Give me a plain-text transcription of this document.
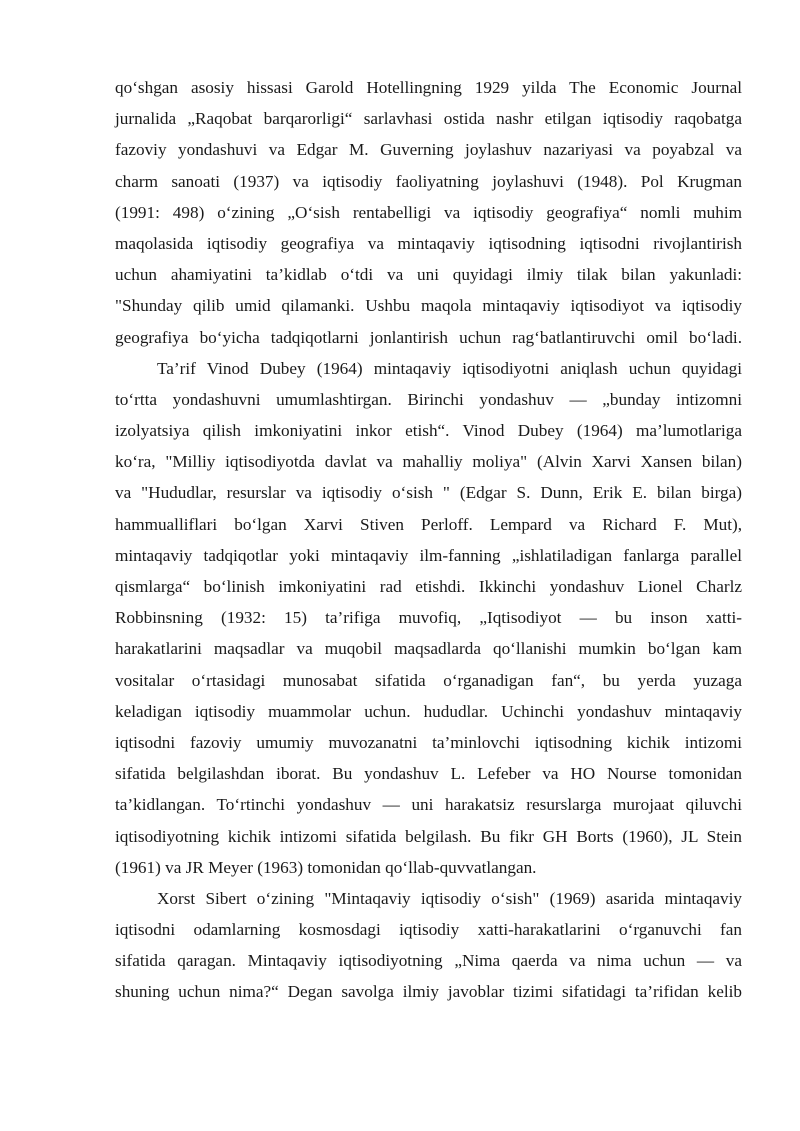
qo‘shgan asosiy hissasi Garold Hotellingning 1929 yilda The Economic Journal
jurnalida „Raqobat barqarorligi“ sarlavhasi ostida nashr etilgan iqtisodiy raqobatga
fazoviy yondashuvi va Edgar M. Guverning joylashuv nazariyasi va poyabzal va
charm sanoati (1937) va iqtisodiy faoliyatning joylashuvi (1948). Pol Krugman
(1991: 498) o‘zining „O‘sish rentabelligi va iqtisodiy geografiya“ nomli muhim
maqolasida iqtisodiy geografiya va mintaqaviy iqtisodning iqtisodni rivojlantirish
uchun ahamiyatini ta’kidlab o‘tdi va uni quyidagi ilmiy tilak bilan yakunladi:
"Shunday qilib umid qilamanki. Ushbu maqola mintaqaviy iqtisodiyot va iqtisodiy
geografiya bo‘yicha tadqiqotlarni jonlantirish uchun rag‘batlantiruvchi omil bo‘ladi.
Ta’rif Vinod Dubey (1964) mintaqaviy iqtisodiyotni aniqlash uchun quyidagi
to‘rtta yondashuvni umumlashtirgan. Birinchi yondashuv — „bunday intizomni
izolyatsiya qilish imkoniyatini inkor etish“. Vinod Dubey (1964) ma’lumotlariga
ko‘ra, "Milliy iqtisodiyotda davlat va mahalliy moliya" (Alvin Xarvi Xansen bilan)
va "Hududlar, resurslar va iqtisodiy o‘sish " (Edgar S. Dunn, Erik E. bilan birga)
hammualliflari bo‘lgan Xarvi Stiven Perloff. Lempard va Richard F. Mut),
mintaqaviy tadqiqotlar yoki mintaqaviy ilm-fanning „ishlatiladigan fanlarga parallel
qismlarga“ bo‘linish imkoniyatini rad etishdi. Ikkinchi yondashuv Lionel Charlz
Robbinsning (1932: 15) ta’rifiga muvofiq, „Iqtisodiyot — bu inson xatti-
harakatlarini maqsadlar va muqobil maqsadlarda qo‘llanishi mumkin bo‘lgan kam
vositalar o‘rtasidagi munosabat sifatida o‘rganadigan fan“, bu yerda yuzaga
keladigan iqtisodiy muammolar uchun. hududlar. Uchinchi yondashuv mintaqaviy
iqtisodni fazoviy umumiy muvozanatni ta’minlovchi iqtisodning kichik intizomi
sifatida belgilashdan iborat. Bu yondashuv L. Lefeber va HO Nourse tomonidan
ta’kidlangan. To‘rtinchi yondashuv — uni harakatsiz resurslarga murojaat qiluvchi
iqtisodiyotning kichik intizomi sifatida belgilash. Bu fikr GH Borts (1960), JL Stein
(1961) va JR Meyer (1963) tomonidan qo‘llab-quvvatlangan.
Xorst Sibert o‘zining "Mintaqaviy iqtisodiy o‘sish" (1969) asarida mintaqaviy
iqtisodni odamlarning kosmosdagi iqtisodiy xatti-harakatlarini o‘rganuvchi fan
sifatida qaragan. Mintaqaviy iqtisodiyotning „Nima qaerda va nima uchun — va
shuning uchun nima?“ Degan savolga ilmiy javoblar tizimi sifatidagi ta’rifidan kelib
